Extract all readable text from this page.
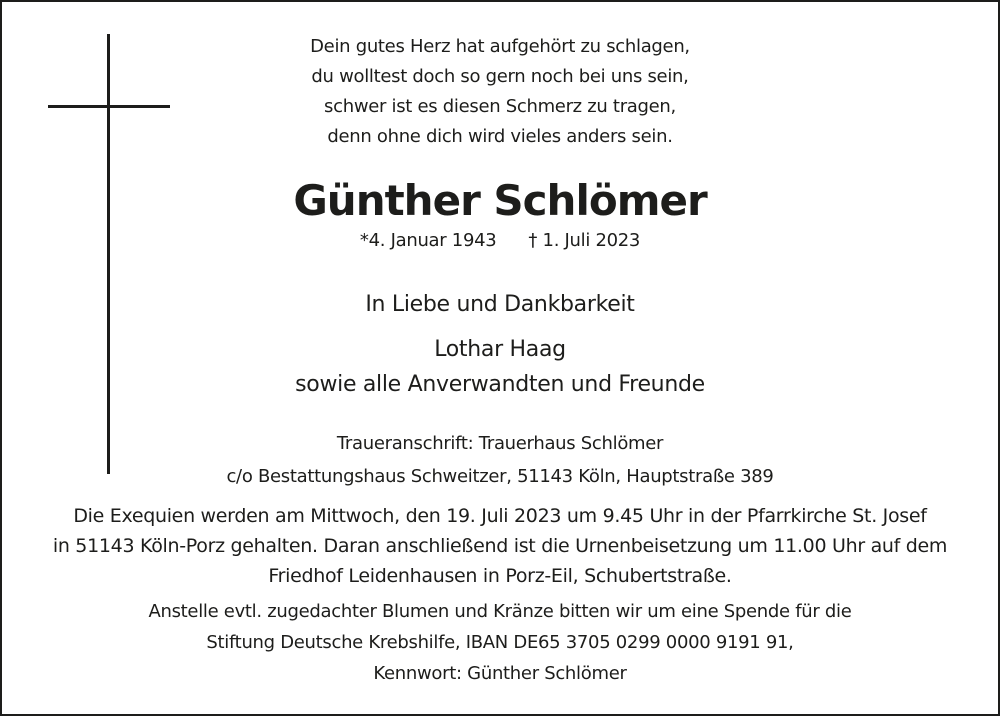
Dein gutes Herz hat aufgehört zu schlagen,
du wolltest doch so gern noch bei uns sein,
schwer ist es diesen Schmerz zu tragen,
denn ohne dich wird vieles anders sein.
Günther Schlömer
*4. Januar 1943 † 1. Juli 2023
In Liebe und Dankbarkeit
Lothar Haag
sowie alle Anverwandten und Freunde
Traueranschrift: Trauerhaus Schlömer
c/o Bestattungshaus Schweitzer, 51143 Köln, Hauptstraße 389
Die Exequien werden am Mittwoch, den 19. Juli 2023 um 9.45 Uhr in der Pfarrkirche St. Josef
in 51143 Köln-Porz gehalten. Daran anschließend ist die Urnenbeisetzung um 11.00 Uhr auf dem
Friedhof Leidenhausen in Porz-Eil, Schubertstraße.
Anstelle evtl. zugedachter Blumen und Kränze bitten wir um eine Spende für die
Stiftung Deutsche Krebshilfe, IBAN DE65 3705 0299 0000 9191 91,
Kennwort: Günther Schlömer
